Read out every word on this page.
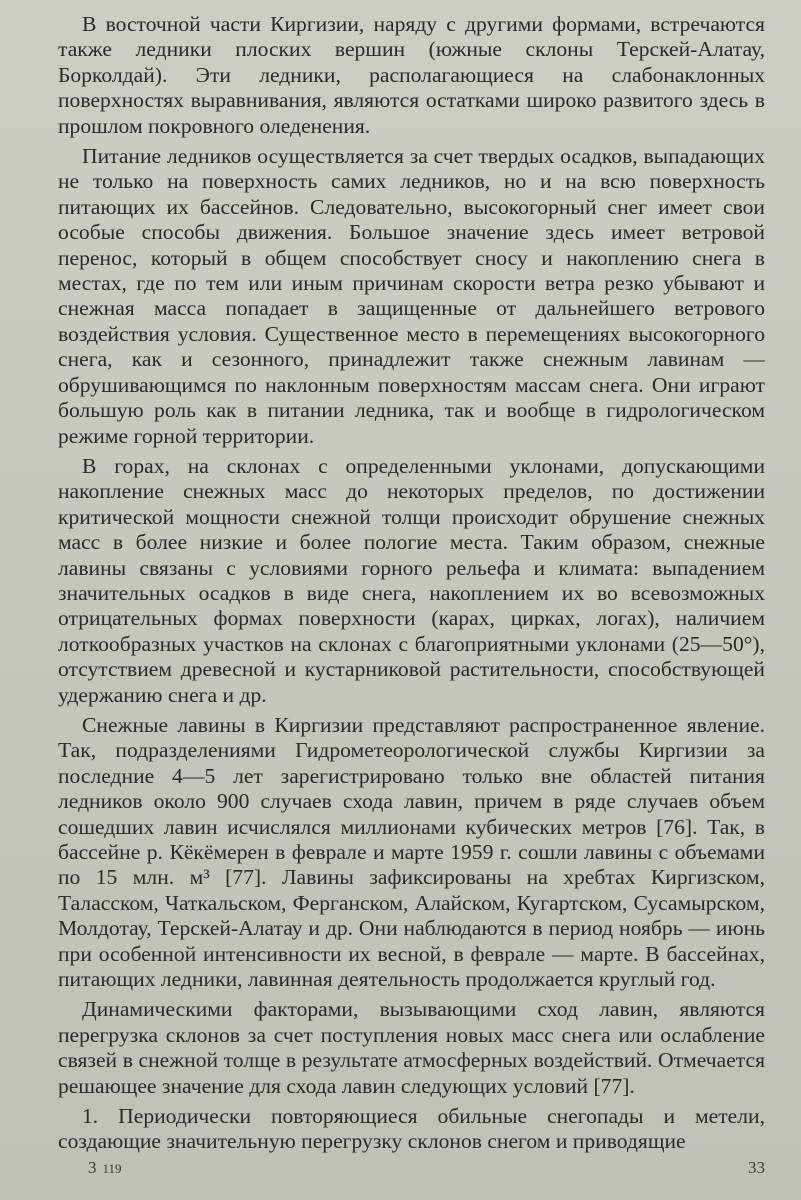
В восточной части Киргизии, наряду с другими формами, встречаются также ледники плоских вершин (южные склоны Терскей-Алатау, Борколдай). Эти ледники, располагающиеся на слабонаклонных поверхностях выравнивания, являются остатками широко развитого здесь в прошлом покровного оледенения.

Питание ледников осуществляется за счет твердых осадков, выпадающих не только на поверхность самих ледников, но и на всю поверхность питающих их бассейнов. Следовательно, высокогорный снег имеет свои особые способы движения. Большое значение здесь имеет ветровой перенос, который в общем способствует сносу и накоплению снега в местах, где по тем или иным причинам скорости ветра резко убывают и снежная масса попадает в защищенные от дальнейшего ветрового воздействия условия. Существенное место в перемещениях высокогорного снега, как и сезонного, принадлежит также снежным лавинам — обрушивающимся по наклонным поверхностям массам снега. Они играют большую роль как в питании ледника, так и вообще в гидрологическом режиме горной территории.

В горах, на склонах с определенными уклонами, допускающими накопление снежных масс до некоторых пределов, по достижении критической мощности снежной толщи происходит обрушение снежных масс в более низкие и более пологие места. Таким образом, снежные лавины связаны с условиями горного рельефа и климата: выпадением значительных осадков в виде снега, накоплением их во всевозможных отрицательных формах поверхности (карах, цирках, логах), наличием лоткообразных участков на склонах с благоприятными уклонами (25—50°), отсутствием древесной и кустарниковой растительности, способствующей удержанию снега и др.

Снежные лавины в Киргизии представляют распространенное явление. Так, подразделениями Гидрометеорологической службы Киргизии за последние 4—5 лет зарегистрировано только вне областей питания ледников около 900 случаев схода лавин, причем в ряде случаев объем сошедших лавин исчислялся миллионами кубических метров [76]. Так, в бассейне р. Кёкёмерен в феврале и марте 1959 г. сошли лавины с объемами по 15 млн. м³ [77]. Лавины зафиксированы на хребтах Киргизском, Таласском, Чаткальском, Ферганском, Алайском, Кугартском, Сусамырском, Молдотау, Терскей-Алатау и др. Они наблюдаются в период ноябрь — июнь при особенной интенсивности их весной, в феврале — марте. В бассейнах, питающих ледники, лавинная деятельность продолжается круглый год.

Динамическими факторами, вызывающими сход лавин, являются перегрузка склонов за счет поступления новых масс снега или ослабление связей в снежной толще в результате атмосферных воздействий. Отмечается решающее значение для схода лавин следующих условий [77].

1. Периодически повторяющиеся обильные снегопады и метели, создающие значительную перегрузку склонов снегом и приводящие

3 119	33
